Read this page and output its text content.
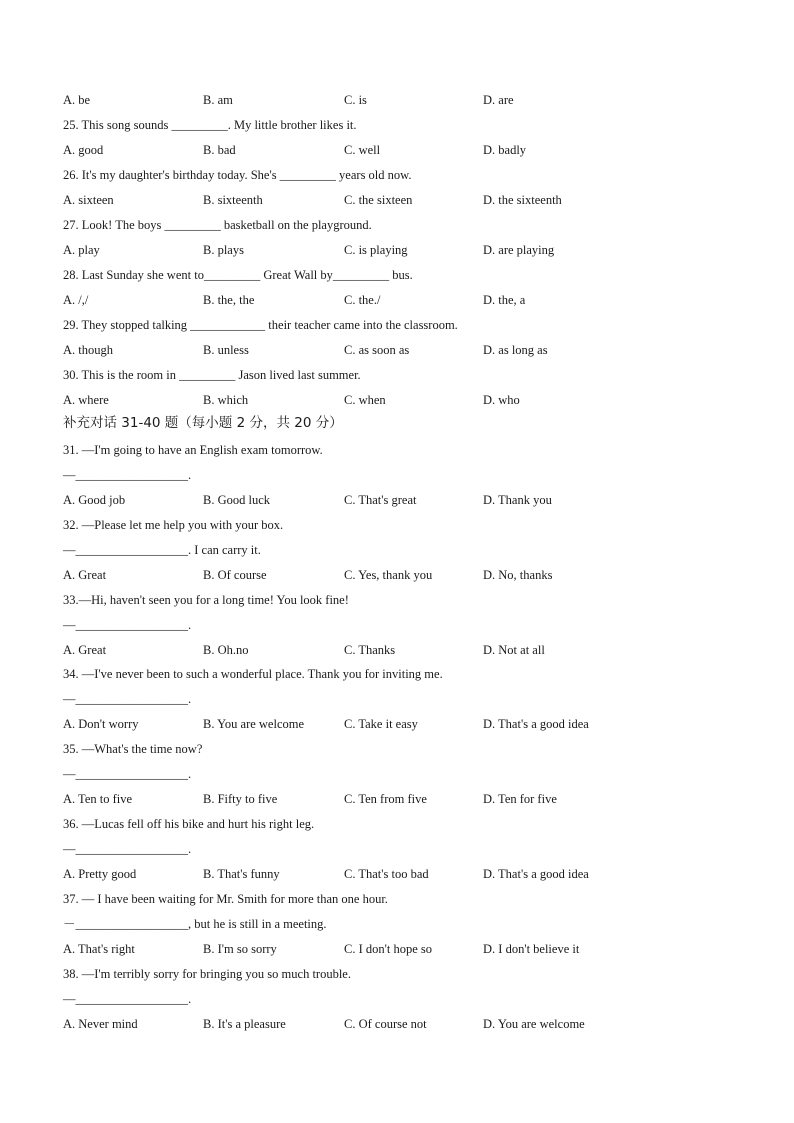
A. be	B. am	C. is	D. are
25. This song sounds _________. My little brother likes it.
A. good	B. bad	C. well	D. badly
26. It's my daughter's birthday today. She's _________ years old now.
A. sixteen	B. sixteenth	C. the sixteen	D. the sixteenth
27. Look! The boys _________ basketball on the playground.
A. play	B. plays	C. is playing	D. are playing
28. Last Sunday she went to_________ Great Wall by_________ bus.
A. /,/	B. the, the	C. the./	D. the, a
29. They stopped talking ____________ their teacher came into the classroom.
A. though	B. unless	C. as soon as	D. as long as
30. This is the room in _________ Jason lived last summer.
A. where	B. which	C. when	D. who
补充对话 31-40 题（每小题 2 分，共 20 分）
31. —I'm going to have an English exam tomorrow.
—__________________.
A. Good job	B. Good luck	C. That's great	D. Thank you
32. —Please let me help you with your box.
—__________________. I can carry it.
A. Great	B. Of course	C. Yes, thank you	D. No, thanks
33.—Hi, haven't seen you for a long time! You look fine!
—__________________.
A. Great	B. Oh.no	C. Thanks	D. Not at all
34. —I've never been to such a wonderful place. Thank you for inviting me.
—__________________.
A. Don't worry	B. You are welcome	C. Take it easy	D. That's a good idea
35. —What's the time now?
—__________________.
A. Ten to five	B. Fifty to five	C. Ten from five	D. Ten for five
36. —Lucas fell off his bike and hurt his right leg.
—__________________.
A. Pretty good	B. That's funny	C. That's too bad	D. That's a good idea
37. — I have been waiting for Mr. Smith for more than one hour.
－__________________, but he is still in a meeting.
A. That's right	B. I'm so sorry	C. I don't hope so	D. I don't believe it
38. —I'm terribly sorry for bringing you so much trouble.
—__________________.
A. Never mind	B. It's a pleasure	C. Of course not	D. You are welcome
